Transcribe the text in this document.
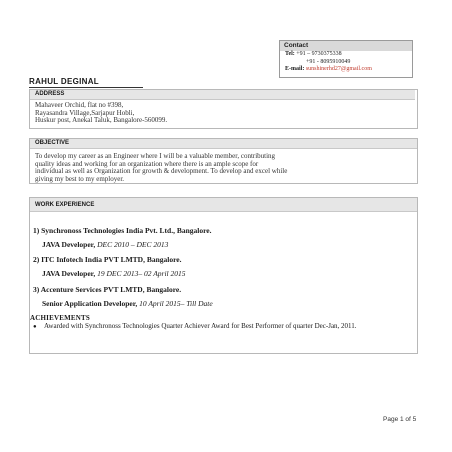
Contact
Tel: +91 – 9730375338
+91 - 8095910049
E-mail: sunshinerhd27@gmail.com
RAHUL DEGINAL
ADDRESS
Mahaveer Orchid, flat no #398,
Rayasandra Village,Sarjapur Hobli,
Huskur post, Anekal Taluk, Bangalore-560099.
OBJECTIVE
To develop my career as an Engineer where I will be a valuable member, contributing
quality ideas and working for an organization where there is an ample scope for
individual as well as Organization for growth & development. To develop and excel while
giving my best to my employer.
WORK EXPERIENCE
1) Synchronoss Technologies India Pvt. Ltd., Bangalore.
JAVA Developer, DEC 2010 – DEC 2013
2) ITC Infotech India PVT LMTD, Bangalore.
JAVA Developer, 19 DEC 2013– 02 April 2015
3) Accenture Services PVT LMTD, Bangalore.
Senior Application Developer, 10 April 2015– Till Date
ACHIEVEMENTS
● Awarded with Synchronoss Technologies Quarter Achiever Award for Best Performer of quarter Dec-Jan, 2011.
Page 1 of 5
